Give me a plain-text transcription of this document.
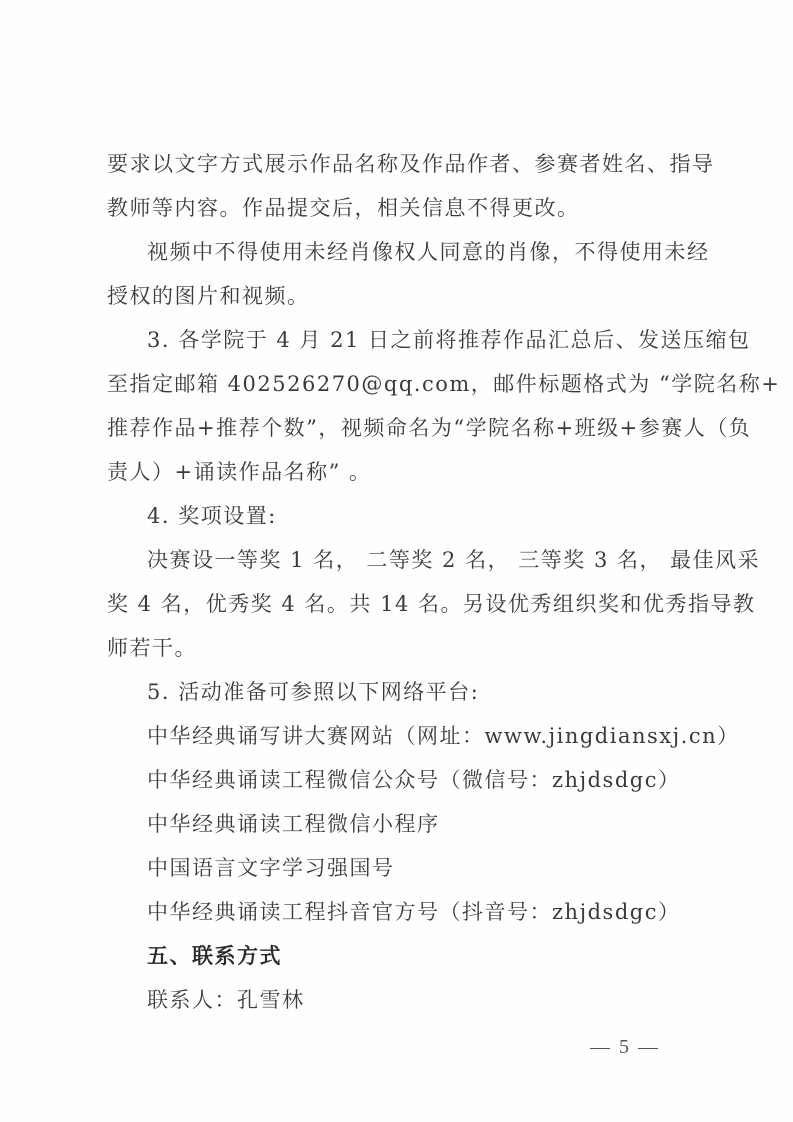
要求以文字方式展示作品名称及作品作者、参赛者姓名、指导
教师等内容。作品提交后，相关信息不得更改。
视频中不得使用未经肖像权人同意的肖像，不得使用未经
授权的图片和视频。
3. 各学院于 4 月 21 日之前将推荐作品汇总后、发送压缩包
至指定邮箱 402526270@qq.com，邮件标题格式为 “学院名称+
推荐作品+推荐个数”，视频命名为“学院名称+班级+参赛人（负
责人）+诵读作品名称” 。
4. 奖项设置:
决赛设一等奖 1 名， 二等奖 2 名， 三等奖 3 名， 最佳风采
奖 4 名，优秀奖 4 名。共 14 名。另设优秀组织奖和优秀指导教
师若干。
5. 活动准备可参照以下网络平台:
中华经典诵写讲大赛网站（网址：www.jingdiansxj.cn）
中华经典诵读工程微信公众号（微信号：zhjdsdgc）
中华经典诵读工程微信小程序
中国语言文字学习强国号
中华经典诵读工程抖音官方号（抖音号：zhjdsdgc）
五、联系方式
联系人：孔雪林
— 5 —
